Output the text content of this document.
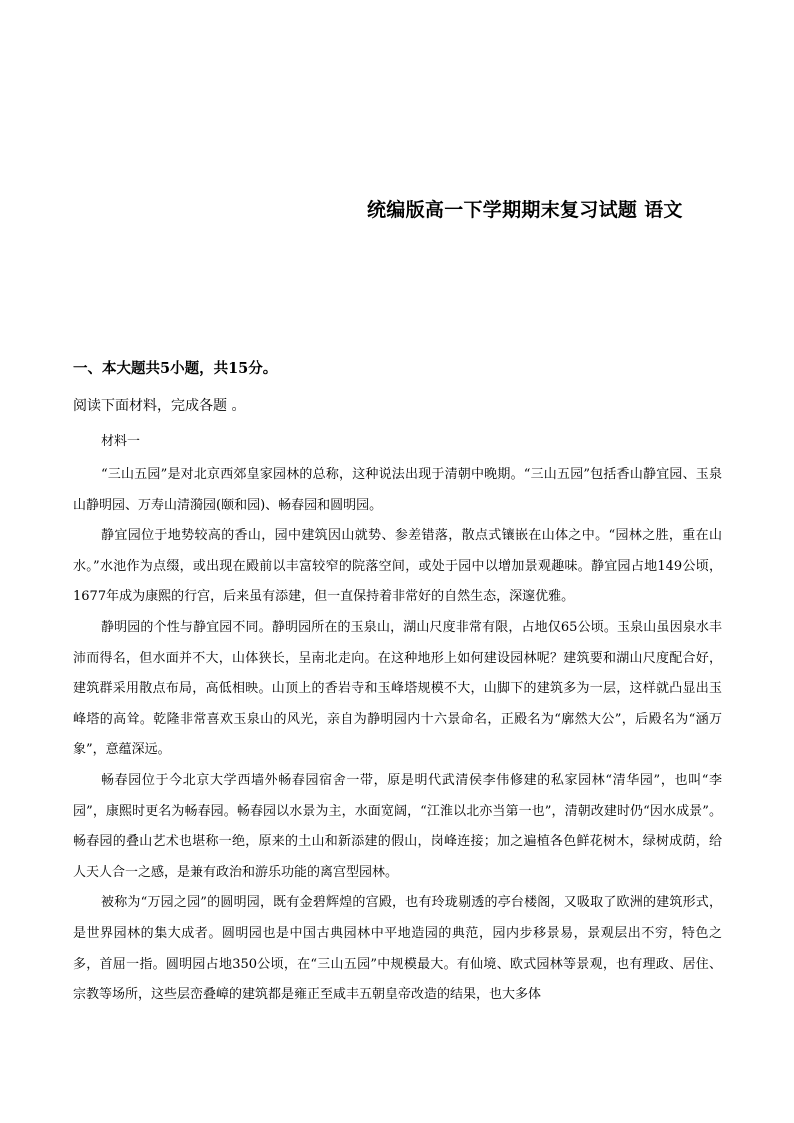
统编版高一下学期期末复习试题 语文
一、本大题共5小题，共15分。
阅读下面材料，完成各题 。
材料一

“三山五园”是对北京西郊皇家园林的总称，这种说法出现于清朝中晚期。“三山五园”包括香山静宜园、玉泉山静明园、万寿山清漪园(颐和园)、畅春园和圆明园。

静宜园位于地势较高的香山，园中建筑因山就势、参差错落，散点式镶嵌在山体之中。“园林之胜，重在山水。”水池作为点缀，或出现在殿前以丰富较窄的院落空间，或处于园中以增加景观趣味。静宜园占地149公顷，1677年成为康熙的行宫，后来虽有添建，但一直保持着非常好的自然生态，深邃优雅。

静明园的个性与静宜园不同。静明园所在的玉泉山，湖山尺度非常有限，占地仅65公顷。玉泉山虽因泉水丰沛而得名，但水面并不大，山体狭长，呈南北走向。在这种地形上如何建设园林呢？建筑要和湖山尺度配合好，建筑群采用散点布局，高低相映。山顶上的香岩寺和玉峰塔规模不大，山脚下的建筑多为一层，这样就凸显出玉峰塔的高耸。乾隆非常喜欢玉泉山的风光，亲自为静明园内十六景命名，正殿名为“廓然大公”，后殿名为“涵万象”，意蕴深远。

畅春园位于今北京大学西墙外畅春园宿舍一带，原是明代武清侯李伟修建的私家园林“清华园”，也叫“李园”，康熙时更名为畅春园。畅春园以水景为主，水面宽阔，“江淮以北亦当第一也”，清朝改建时仍“因水成景”。畅春园的叠山艺术也堪称一绝，原来的土山和新添建的假山，岗峰连接；加之遍植各色鲜花树木，绿树成荫，给人天人合一之感，是兼有政治和游乐功能的离宫型园林。

被称为“万园之园”的圆明园，既有金碧辉煌的宫殿，也有玲珑剔透的亭台楼阁，又吸取了欧洲的建筑形式，是世界园林的集大成者。圆明园也是中国古典园林中平地造园的典范，园内步移景易，景观层出不穷，特色之多，首屈一指。圆明园占地350公顷，在“三山五园”中规模最大。有仙境、欧式园林等景观，也有理政、居住、宗教等场所，这些层峦叠嶂的建筑都是雍正至咸丰五朝皇帝改造的结果，也大多体
